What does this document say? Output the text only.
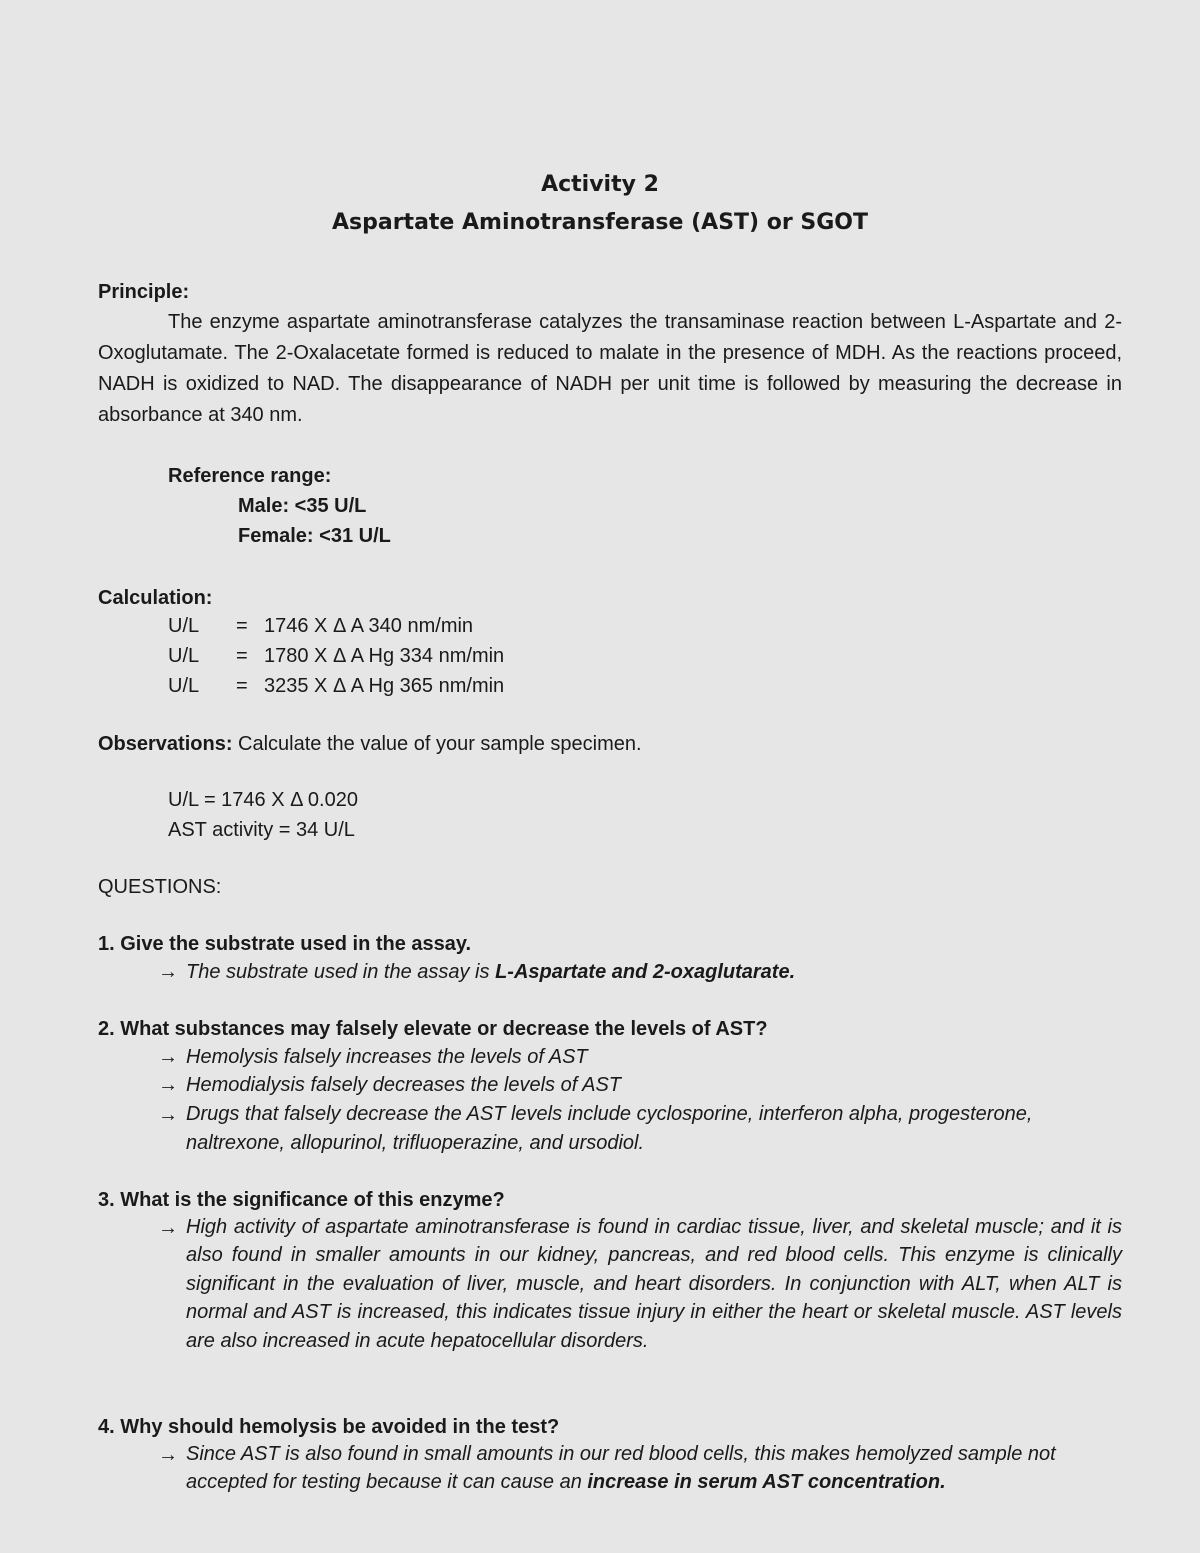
Activity 2
Aspartate Aminotransferase (AST) or SGOT
Principle:
The enzyme aspartate aminotransferase catalyzes the transaminase reaction between L-Aspartate and 2-Oxoglutamate. The 2-Oxalacetate formed is reduced to malate in the presence of MDH. As the reactions proceed, NADH is oxidized to NAD. The disappearance of NADH per unit time is followed by measuring the decrease in absorbance at 340 nm.
Reference range:
Male: <35 U/L
Female: <31 U/L
Calculation:
U/L = 1746 X Δ A 340 nm/min
U/L = 1780 X Δ A Hg 334 nm/min
U/L = 3235 X Δ A Hg 365 nm/min
Observations: Calculate the value of your sample specimen.
U/L = 1746 X Δ 0.020
AST activity = 34 U/L
QUESTIONS:
1. Give the substrate used in the assay.
→ The substrate used in the assay is L-Aspartate and 2-oxaglutarate.
2. What substances may falsely elevate or decrease the levels of AST?
→ Hemolysis falsely increases the levels of AST
→ Hemodialysis falsely decreases the levels of AST
→ Drugs that falsely decrease the AST levels include cyclosporine, interferon alpha, progesterone, naltrexone, allopurinol, trifluoperazine, and ursodiol.
3. What is the significance of this enzyme?
→ High activity of aspartate aminotransferase is found in cardiac tissue, liver, and skeletal muscle; and it is also found in smaller amounts in our kidney, pancreas, and red blood cells. This enzyme is clinically significant in the evaluation of liver, muscle, and heart disorders. In conjunction with ALT, when ALT is normal and AST is increased, this indicates tissue injury in either the heart or skeletal muscle. AST levels are also increased in acute hepatocellular disorders.
4. Why should hemolysis be avoided in the test?
→ Since AST is also found in small amounts in our red blood cells, this makes hemolyzed sample not accepted for testing because it can cause an increase in serum AST concentration.
